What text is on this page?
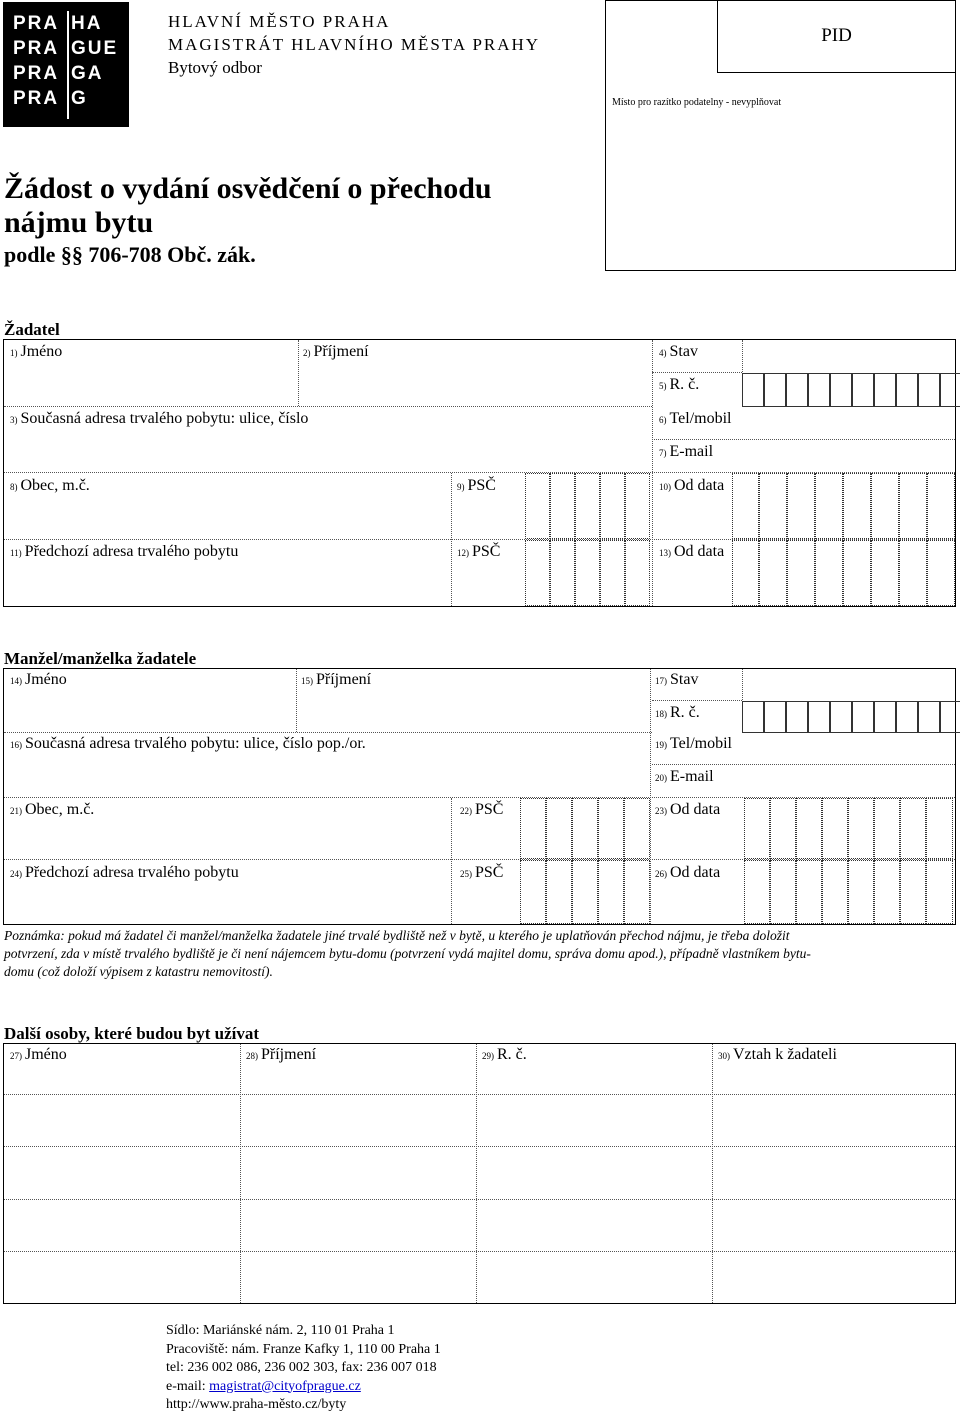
PRA HA
PRA GUE
PRA GA
PRA G
HLAVNÍ MĚSTO PRAHA
MAGISTRÁT HLAVNÍHO MĚSTA PRAHY
Bytový odbor
PID
Místo pro razítko podatelny - nevyplňovat
Žádost o vydání osvědčení o přechodu
nájmu bytu
podle §§ 706-708 Obč. zák.
Žadatel
1) Jméno	2) Příjmení	4) Stav
5) R. č.
3) Současná adresa trvalého pobytu: ulice, číslo	6) Tel/mobil
7) E-mail
8) Obec, m.č.	9) PSČ	10) Od data
11) Předchozí adresa trvalého pobytu	12) PSČ	13) Od data
Manžel/manželka žadatele
14) Jméno	15) Příjmení	17) Stav
18) R. č.
16) Současná adresa trvalého pobytu: ulice, číslo pop./or.	19) Tel/mobil
20) E-mail
21) Obec, m.č.	22) PSČ	23) Od data
24) Předchozí adresa trvalého pobytu	25) PSČ	26) Od data
Poznámka: pokud má žadatel či manžel/manželka žadatele jiné trvalé bydliště než v bytě, u kterého je uplatňován přechod nájmu, je třeba doložit
potvrzení, zda v místě trvalého bydliště je či není nájemcem bytu-domu (potvrzení vydá majitel domu, správa domu apod.), případně vlastníkem bytu-
domu (což doloží výpisem z katastru nemovitostí).
Další osoby, které budou byt užívat
27) Jméno	28) Příjmení	29) R. č.	30) Vztah k žadateli
Sídlo: Mariánské nám. 2, 110 01 Praha 1
Pracoviště: nám. Franze Kafky 1, 110 00 Praha 1
tel: 236 002 086, 236 002 303, fax: 236 007 018
e-mail: magistrat@cityofprague.cz
http://www.praha-město.cz/byty
